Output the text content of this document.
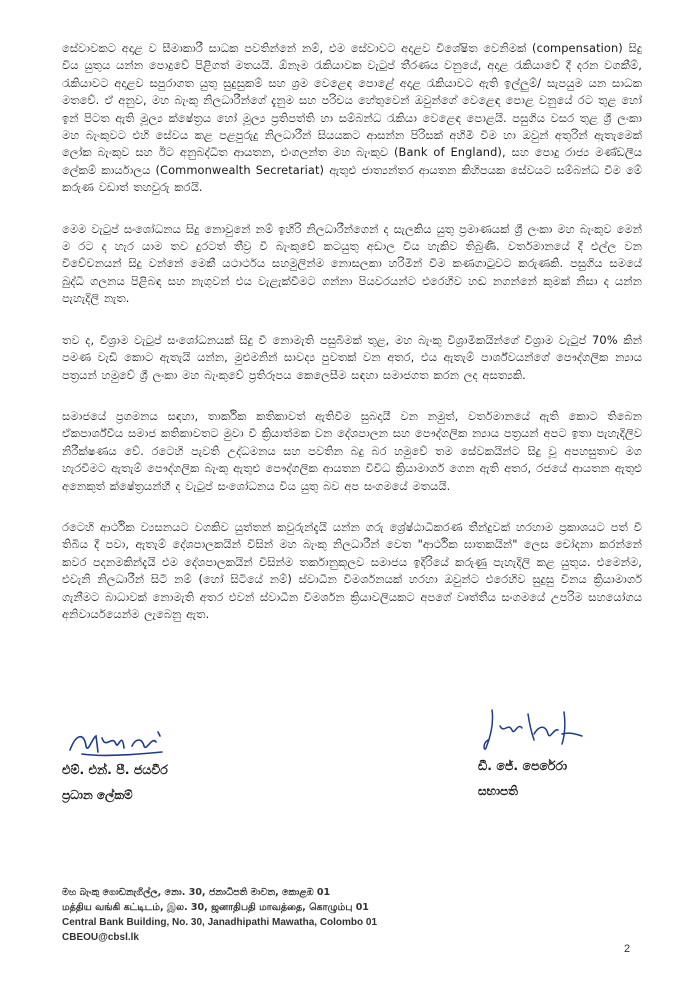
සේවාවකට අදාළ ව සීමාකාරී සාධක පවතින්නේ නම්, එම සේවාවට අදාළව විශේෂිත වෙනිමක් (compensation) සිදු විය යුතුය යන්න පොදුවේ පිළිගත් මතයයි. ඕනෑම රැකියාවක වැටුප් තීරණය වනුයේ, අදාළ රැකියාවේ දී දරන වගකීම්, රැකියාවට අදාළව සපුරාගත යුතු සුදුසුකම් සහ ශ්‍රම වෙළෙඳ පොළේ අදාළ රැකියාවට ඇති ඉල්ලුම්/ සැපයුම යන සාධක මතවේ. ඒ අනුව, මහ බැංකු නිලධාරීන්ගේ දැනුම සහ පරිචය හේතුවෙන් ඔවුන්ගේ වෙළෙඳ පොළ වනුයේ රට තුළ හෝ ඉන් පිටත ඇති මූල්‍ය ක්ෂේත්‍රය හෝ මූල්‍ය ප්‍රතිපත්ති හා සම්බන්ධ රැකියා වෙළෙඳ පොළයි. පසුගිය වසර තුළ ශ්‍රී ලංකා මහ බැංකුවට එහි සේවය කළ පළපුරුදු නිලධාරීන් සියයකට ආසන්න පිරිසක් අහිමි වීම හා ඔවුන් අතුරින් ඇතැමෙක් ලෝක බැංකුව සහ ඊට අනුබද්ධිත ආයතන, එංගලන්ත මහ බැංකුව (Bank of England), සහ පොදු රාජ්‍ය මණ්ඩලීය ලේකම් කාර්යාලය (Commonwealth Secretariat) ඇතුළු ජාත්‍යන්තර ආයතන කිහිපයක සේවයට සම්බන්ධ වීම මේ කරුණ වඩාත් තහවුරු කරයි.

මෙම වැටුප් සංශෝධනය සිදු නොවුනේ නම් ඉහිරි නිලධාරීන්ගෙන් ද සැලකිය යුතු ප්‍රමාණයක් ශ්‍රී ලංකා මහ බැංකුව මෙන් ම රට ද හැර යාම තව දුරටත් තීව්‍ර වී බැංකුවේ කටයුතු අඩාල විය හැකිව තිබුණි. වර්තමානයේ දී එල්ල වන විවේචනයන් සිදු වන්නේ මෙකී යථාර්ථය සහමුලින්ම නොසලකා හරිමින් වීම කණගාටුවට කරුණකි. පසුගිය සමයේ බුද්ධි ගලනය පිළිබඳ සහ නැගුවන් එය වැළැක්වීමට ගන්නා පියවරයන්ට එරෙහිව හඬ නගන්නේ කුමක් නිසා ද යන්න පැහැදිලි නැත.

තව ද, විශ්‍රාම වැටුප් සංශෝධනයක් සිදු වී නොමැති පසුබිමක් තුළ, මහ බැංකු විශ්‍රාමිකයින්ගේ විශ්‍රාම වැටුප් 70% කින් පමණ වැඩි කොට ඇතැයි යන්න, මුළුමනින් සාවද්‍ය පුවතක් වන අතර, එය ඇතැම් පාර්ශ්වයන්ගේ පෞද්ගලික න්‍යාය පත්‍රයන් හමුවේ ශ්‍රී ලංකා මහ බැංකුවේ ප්‍රතිරූපය කෙලෙසීම සඳහා සමාජගත කරන ලද අසත්‍යකි.

සමාජයේ ප්‍රගමනය සඳහා, තාර්කික කතිකාවත් ඇතිවීම සුබදායී වන නමුත්, වර්තමානයේ ඇති කොට තිබෙන ඒකපාර්ශ්වීය සමාජ කතිකාවතට මුවා වී ක්‍රියාත්මක වන දේශපාලන සහ පෞද්ගලික න්‍යාය පත්‍රයන් අපට ඉතා පැහැදිලිව නිරීක්ෂණය වේ. රටෙහි පැවති උද්ධමනය සහ පවතින බදු බර හමුවේ තම සේවකයින්ට සිදු වූ අපහසුතාව මග හැරවීමට ඇතැම් පෞද්ගලික බැංකු ඇතුළු පෞද්ගලික ආයතන විවිධ ක්‍රියාමාර්ග ගෙන ඇති අතර, රජයේ ආයතන ඇතුළු අනෙකුත් ක්ෂේත්‍රයන්හී ද වැටුප් සංශෝධනය විය යුතු බව අප සංගමයේ මතයයි.

රටෙහි ආර්ථික ව්‍යසනයට වගකිව යුත්තන් කවුරුන්දැයි යන්න ගරු ශ්‍රේෂ්ඨාධිකරණ තීන්දුවක් හරහාම ප්‍රකාශයට පත් වී තිබිය දී පවා, ඇතැම් දේශපාලකයින් විසින් මහ බැංකු නිලධාරීන් වෙත "ආර්ථික ඝාතකයින්" ලෙස චෝදනා කරන්නේ කවර පදනමකින්දැයි එම දේශපාලකයින් විසින්ම තර්කානුකූලව සමාජය ඉදිරියේ කරුණු පැහැදිලි කළ යුතුය. එමෙන්ම, එවැනි නිලධාරීන් සිටී නම් (හෝ සිටියේ නම්) ස්වාධීන විමර්ශනයක් හරහා ඔවුන්ට එරෙහිව සුදුසු විනය ක්‍රියාමාර්ග ගැනීමට බාධාවක් නොමැති අතර එවන් ස්වාධීන විමර්ශන ක්‍රියාවලියකට අපගේ වෘත්තීය සංගමයේ උපරිම සහයෝගය අනිවාර්යයෙන්ම ලැබෙනු ඇත.

එම්. එන්. පී. ජයවීර
ප්‍රධාන ලේකම්
ඩී. ජේ. පෙරේරා
සභාපති
මහ බැංකු ගොඩනැගිල්ල, නො. 30, ජනාධිපති මාවත, කොළඹ 01
மத்திய வங்கி கட்டிடம், இல. 30, ஜனாதிபதி மாவத்தை, கொழும்பு 01
Central Bank Building, No. 30, Janadhipathi Mawatha, Colombo 01
CBEOU@cbsl.lk
2
